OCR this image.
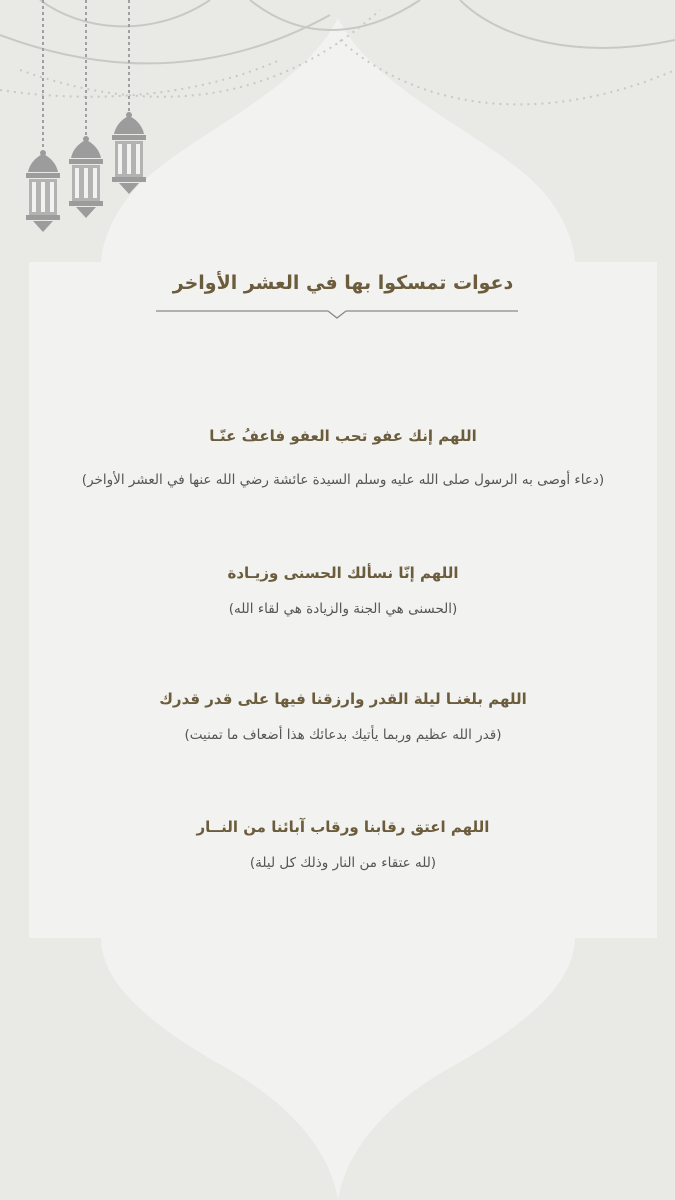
دعوات تمسكوا بها في العشر الأواخر

اللهم إنك عفو تحب العفو فاعفُ عنّـا

(دعاء أوصى به الرسول صلى الله عليه وسلم السيدة عائشة رضي الله عنها في العشر الأواخر)

اللهم إنّا نسألك الحسنى وزيـادة

(الحسنى هي الجنة والزيادة هي لقاء الله)

اللهم بلغنـا ليلة القدر وارزقنا فيها على قدر قدرك

(قدر الله عظيم وربما يأتيك بدعائك هذا أضعاف ما تمنيت)

اللهم اعتق رقابنا ورقاب آبائنا من النــار

(لله عتقاء من النار وذلك كل ليلة)
